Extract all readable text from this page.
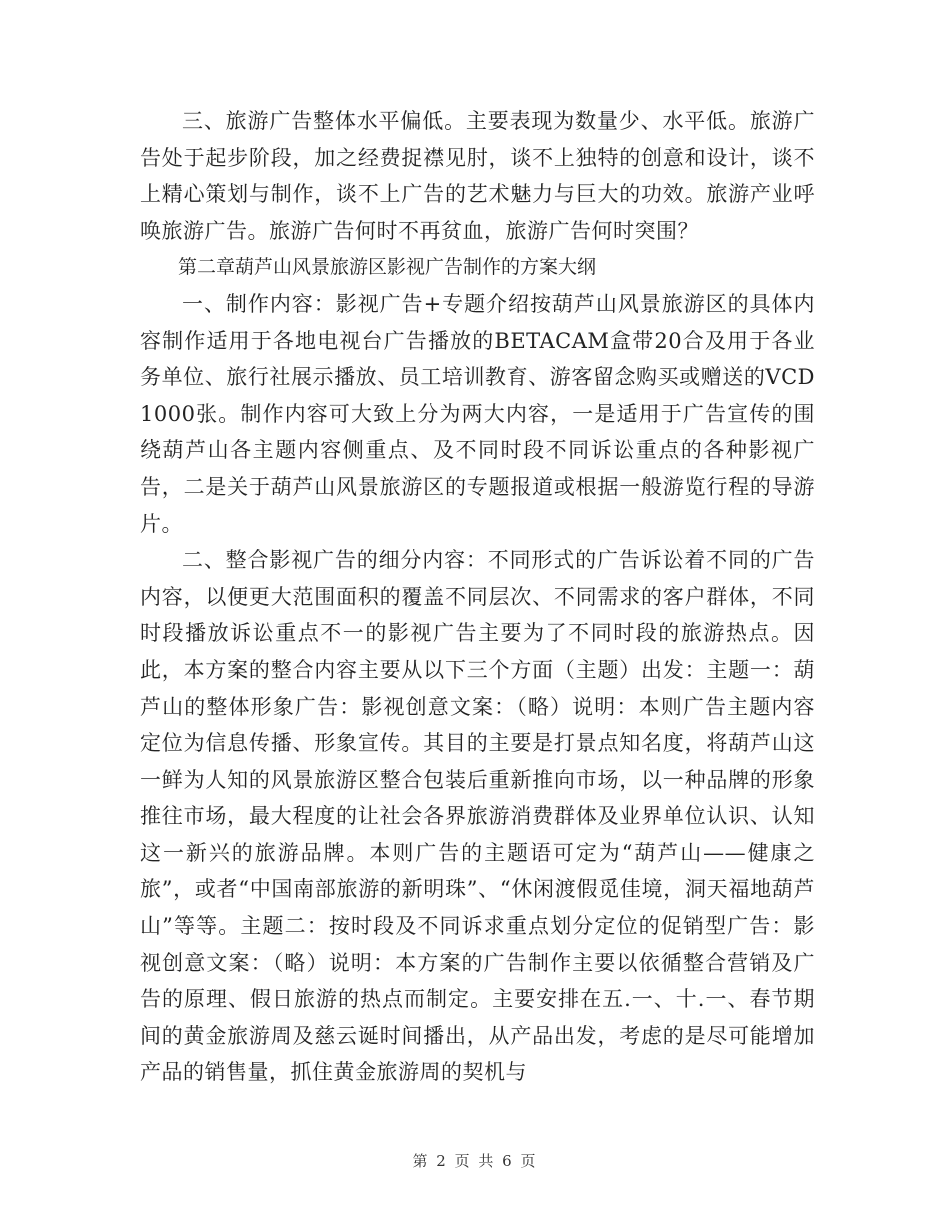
三、旅游广告整体水平偏低。主要表现为数量少、水平低。旅游广告处于起步阶段，加之经费捉襟见肘，谈不上独特的创意和设计，谈不上精心策划与制作，谈不上广告的艺术魅力与巨大的功效。旅游产业呼唤旅游广告。旅游广告何时不再贫血，旅游广告何时突围？

第二章葫芦山风景旅游区影视广告制作的方案大纲

一、制作内容：影视广告+专题介绍按葫芦山风景旅游区的具体内容制作适用于各地电视台广告播放的BETACAM盒带20合及用于各业务单位、旅行社展示播放、员工培训教育、游客留念购买或赠送的VCD1000张。制作内容可大致上分为两大内容，一是适用于广告宣传的围绕葫芦山各主题内容侧重点、及不同时段不同诉讼重点的各种影视广告，二是关于葫芦山风景旅游区的专题报道或根据一般游览行程的导游片。

二、整合影视广告的细分内容：不同形式的广告诉讼着不同的广告内容，以便更大范围面积的覆盖不同层次、不同需求的客户群体，不同时段播放诉讼重点不一的影视广告主要为了不同时段的旅游热点。因此，本方案的整合内容主要从以下三个方面（主题）出发：主题一：葫芦山的整体形象广告：影视创意文案：（略）说明：本则广告主题内容定位为信息传播、形象宣传。其目的主要是打景点知名度，将葫芦山这一鲜为人知的风景旅游区整合包装后重新推向市场，以一种品牌的形象推往市场，最大程度的让社会各界旅游消费群体及业界单位认识、认知这一新兴的旅游品牌。本则广告的主题语可定为“葫芦山——健康之旅”，或者“中国南部旅游的新明珠”、“休闲渡假觅佳境，洞天福地葫芦山”等等。主题二：按时段及不同诉求重点划分定位的促销型广告：影视创意文案：（略）说明：本方案的广告制作主要以依循整合营销及广告的原理、假日旅游的热点而制定。主要安排在五.一、十.一、春节期间的黄金旅游周及慈云诞时间播出，从产品出发，考虑的是尽可能增加产品的销售量，抓住黄金旅游周的契机与

第 2 页 共 6 页
